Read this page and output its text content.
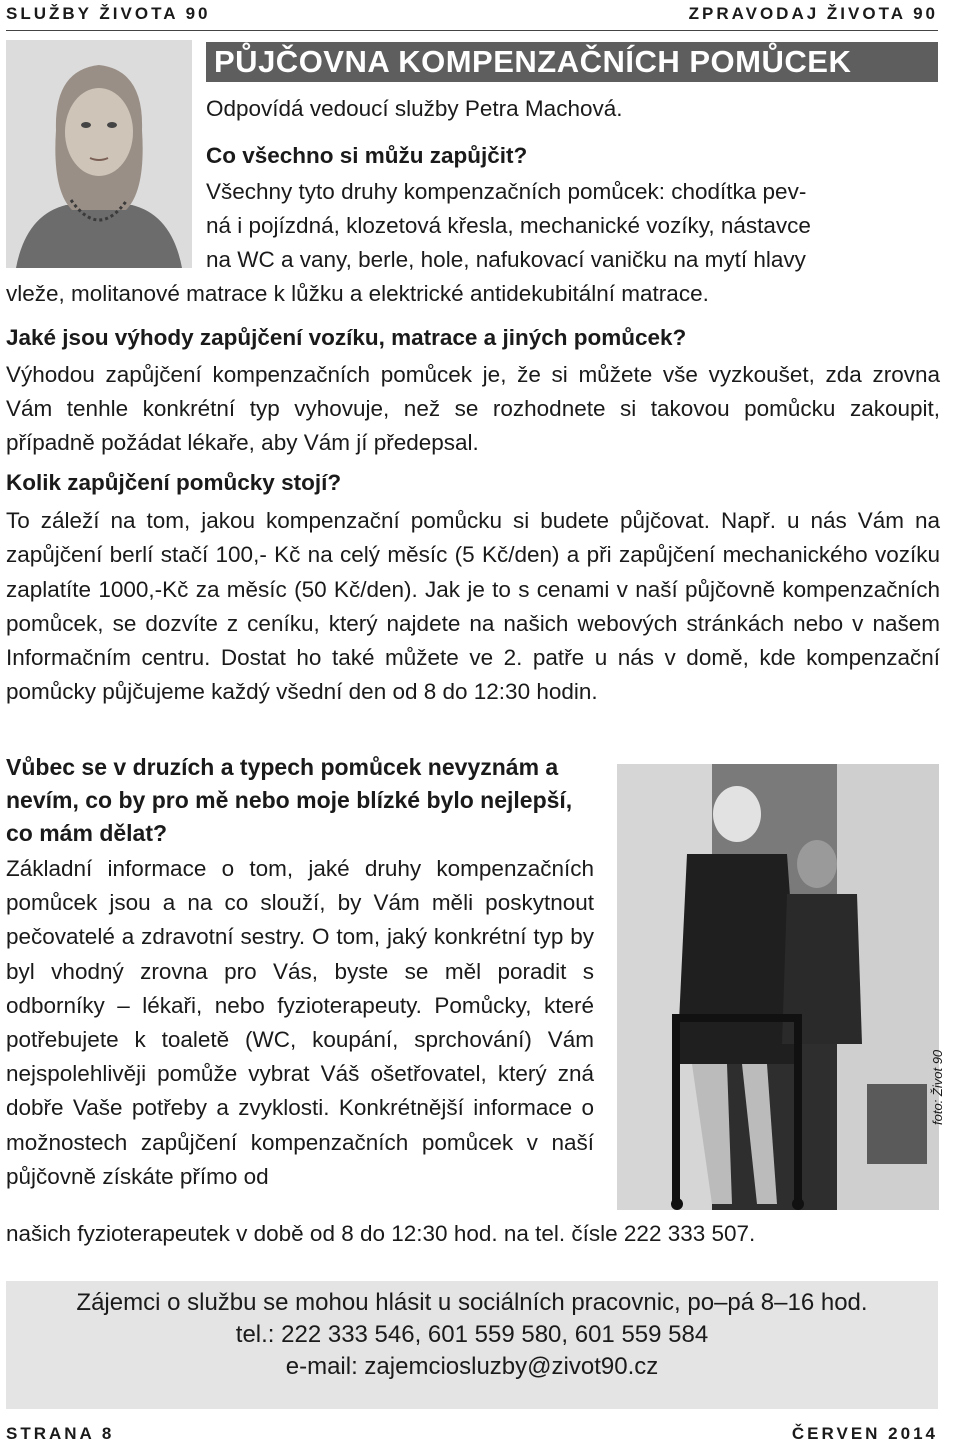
SLUŽBY ŽIVOTA 90	ZPRAVODAJ ŽIVOTA 90
PŮJČOVNA KOMPENZAČNÍCH POMŮCEK
Odpovídá vedoucí služby Petra Machová.
Co všechno si můžu zapůjčit?
Všechny tyto druhy kompenzačních pomůcek: chodítka pev-
ná i pojízdná, klozetová křesla, mechanické vozíky, nástavce
na WC a vany, berle, hole, nafukovací vaničku na mytí hlavy
vleže, molitanové matrace k lůžku a elektrické antidekubitální matrace.
Jaké jsou výhody zapůjčení vozíku, matrace a jiných pomůcek?
Výhodou zapůjčení kompenzačních pomůcek je, že si můžete vše vyzkoušet, zda zrovna Vám tenhle konkrétní typ vyhovuje, než se rozhodnete si takovou pomůcku zakoupit, případně požádat lékaře, aby Vám jí předepsal.
Kolik zapůjčení pomůcky stojí?
To záleží na tom, jakou kompenzační pomůcku si budete půjčovat. Např. u nás Vám na zapůjčení berlí stačí 100,- Kč na celý měsíc (5 Kč/den) a při zapůjčení mechanického vozíku zaplatíte 1000,-Kč za měsíc (50 Kč/den). Jak je to s cenami v naší půjčovně kompenzačních pomůcek, se dozvíte z ceníku, který najdete na našich webových stránkách nebo v našem Informačním centru. Dostat ho také můžete ve 2. patře u nás v domě, kde kompenzační pomůcky půjčujeme každý všední den od 8 do 12:30 hodin.
Vůbec se v druzích a typech pomůcek nevyznám a nevím, co by pro mě nebo moje blízké bylo nejlepší, co mám dělat?
Základní informace o tom, jaké druhy kompenzačních pomůcek jsou a na co slouží, by Vám měli poskytnout pečovatelé a zdravotní sestry. O tom, jaký konkrétní typ by byl vhodný zrovna pro Vás, byste se měl poradit s odborníky – lékaři, nebo fyzioterapeuty. Pomůcky, které potřebujete k toaletě (WC, koupání, sprchování) Vám nejspolehlivěji pomůže vybrat Váš ošetřovatel, který zná dobře Vaše potřeby a zvyklosti. Konkrétnější informace o možnostech zapůjčení kompenzačních pomůcek v naší půjčovně získáte přímo od
našich fyzioterapeutek v době od 8 do 12:30 hod. na tel. čísle 222 333 507.
foto: Život 90
Zájemci o službu se mohou hlásit u sociálních pracovnic, po–pá 8–16 hod.
tel.: 222 333 546, 601 559 580, 601 559 584
e-mail: zajemciosluzby@zivot90.cz
STRANA 8	ČERVEN 2014
